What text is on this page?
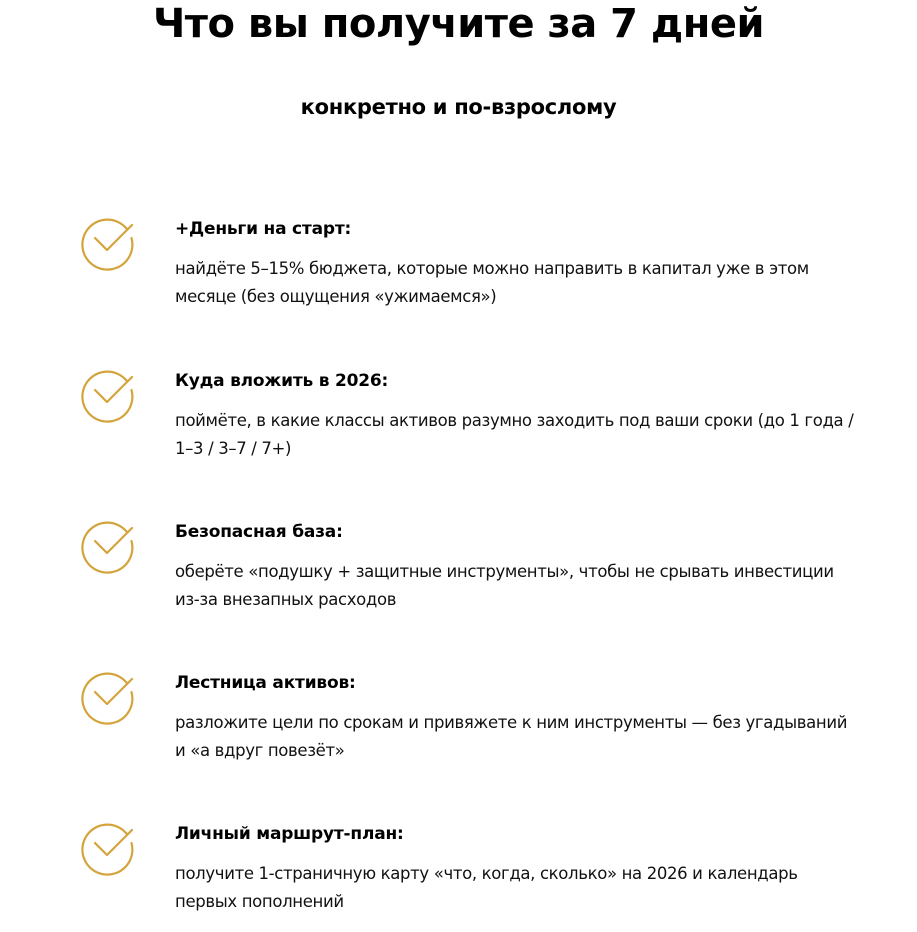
Что вы получите за 7 дней
конкретно и по-взрослому
+Деньги на старт:
найдёте 5–15% бюджета, которые можно направить в капитал уже в этом месяце (без ощущения «ужимаемся»)
Куда вложить в 2026:
поймёте, в какие классы активов разумно заходить под ваши сроки (до 1 года / 1–3 / 3–7 / 7+)
Безопасная база:
оберёте «подушку + защитные инструменты», чтобы не срывать инвестиции из-за внезапных расходов
Лестница активов:
разложите цели по срокам и привяжете к ним инструменты — без угадываний и «а вдруг повезёт»
Личный маршрут-план:
получите 1-страничную карту «что, когда, сколько» на 2026 и календарь первых пополнений
